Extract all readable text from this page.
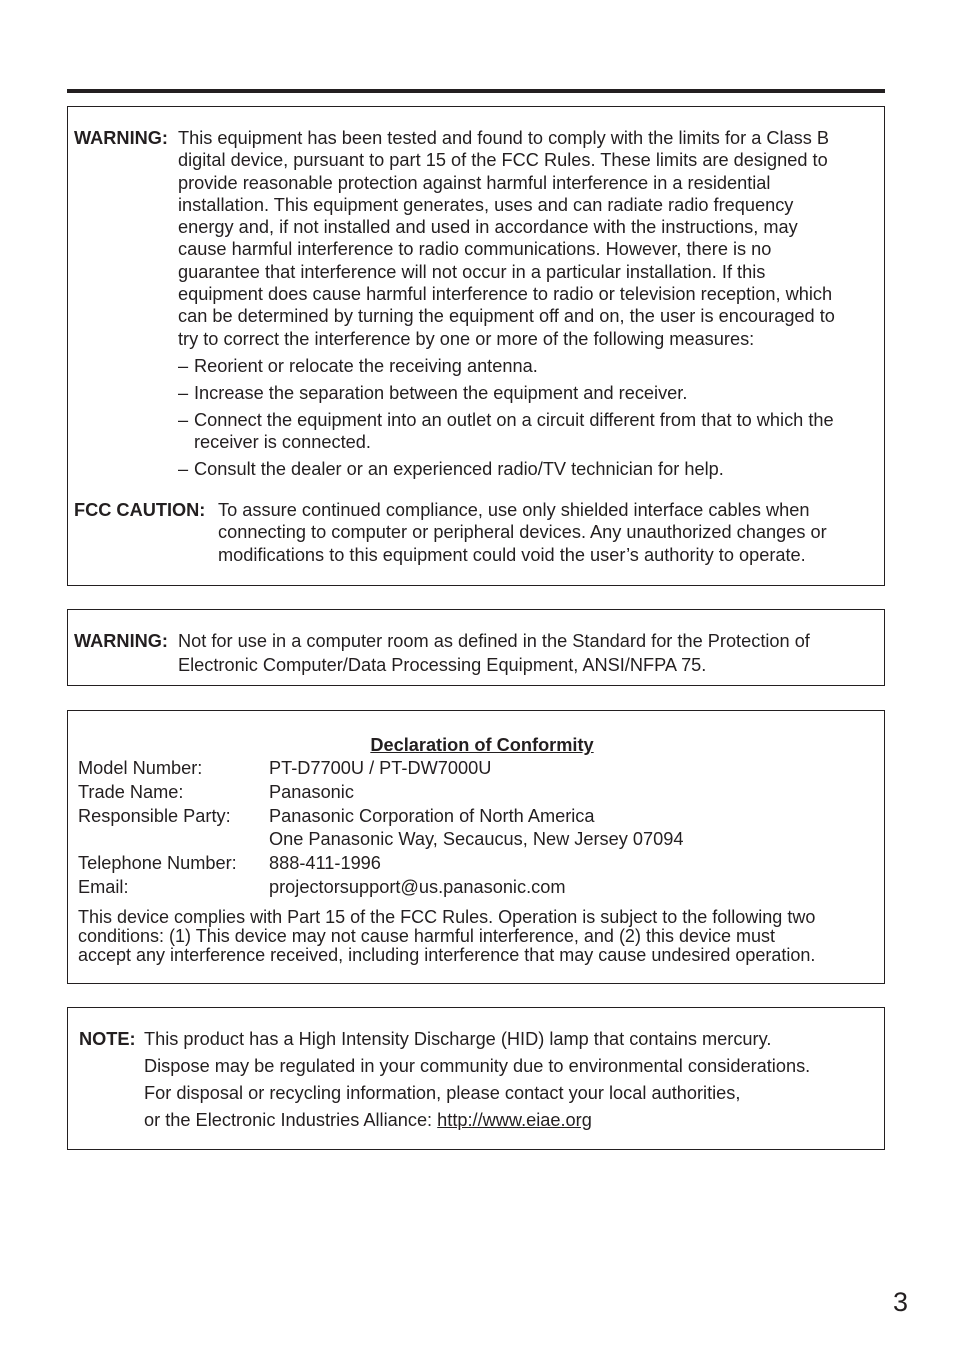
WARNING: This equipment has been tested and found to comply with the limits for a Class B
digital device, pursuant to part 15 of the FCC Rules. These limits are designed to
provide reasonable protection against harmful interference in a residential
installation. This equipment generates, uses and can radiate radio frequency
energy and, if not installed and used in accordance with the instructions, may
cause harmful interference to radio communications. However, there is no
guarantee that interference will not occur in a particular installation. If this
equipment does cause harmful interference to radio or television reception, which
can be determined by turning the equipment off and on, the user is encouraged to
try to correct the interference by one or more of the following measures:
– Reorient or relocate the receiving antenna.
– Increase the separation between the equipment and receiver.
– Connect the equipment into an outlet on a circuit different from that to which the
receiver is connected.
– Consult the dealer or an experienced radio/TV technician for help.
FCC CAUTION: To assure continued compliance, use only shielded interface cables when
connecting to computer or peripheral devices. Any unauthorized changes or
modifications to this equipment could void the user’s authority to operate.
WARNING: Not for use in a computer room as defined in the Standard for the Protection of
Electronic Computer/Data Processing Equipment, ANSI/NFPA 75.
Declaration of Conformity
Model Number:	PT-D7700U / PT-DW7000U
Trade Name:	Panasonic
Responsible Party:	Panasonic Corporation of North America
One Panasonic Way, Secaucus, New Jersey 07094
Telephone Number:	888-411-1996
Email:	projectorsupport@us.panasonic.com
This device complies with Part 15 of the FCC Rules. Operation is subject to the following two
conditions: (1) This device may not cause harmful interference, and (2) this device must
accept any interference received, including interference that may cause undesired operation.
NOTE: This product has a High Intensity Discharge (HID) lamp that contains mercury.
Dispose may be regulated in your community due to environmental considerations.
For disposal or recycling information, please contact your local authorities,
or the Electronic Industries Alliance: http://www.eiae.org
3
